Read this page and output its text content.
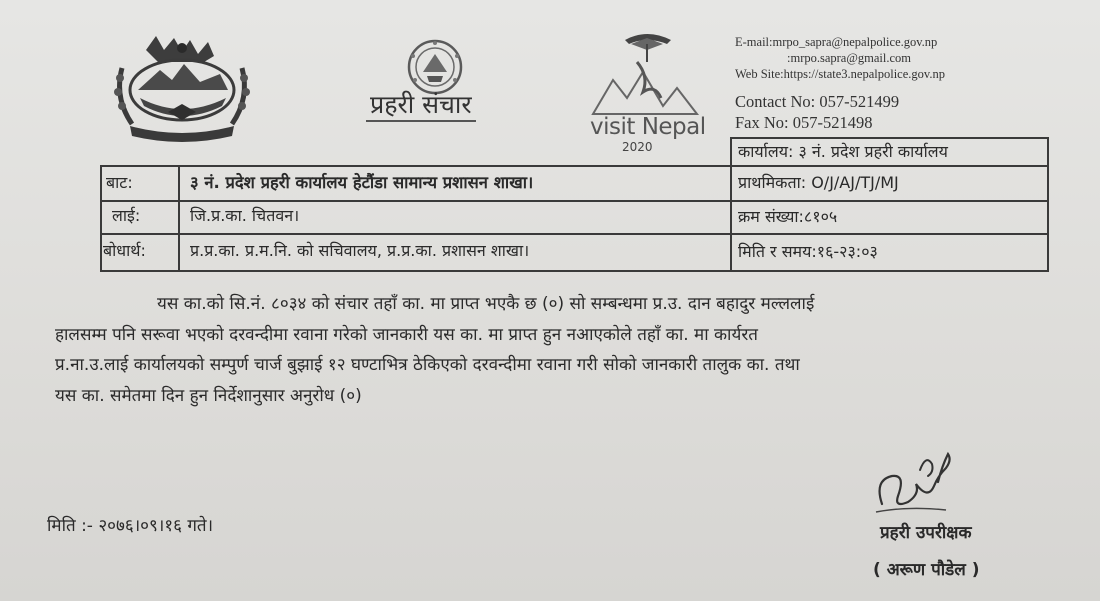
प्रहरी संचार
visit Nepal
2020
E-mail:mrpo_sapra@nepalpolice.gov.np
:mrpo.sapra@gmail.com
Web Site:https://state3.nepalpolice.gov.np
Contact No: 057-521499
Fax No: 057-521498
कार्यालय: ३ नं. प्रदेश प्रहरी कार्यालय
बाट:	३ नं. प्रदेश प्रहरी कार्यालय हेटौंडा सामान्य प्रशासन शाखा।	प्राथमिकता: O/J/AJ/TJ/MJ
लाई:	जि.प्र.का. चितवन।	क्रम संख्या:८१०५
बोधार्थ:	प्र.प्र.का. प्र.म.नि. को सचिवालय, प्र.प्र.का. प्रशासन शाखा।	मिति र समय:१६-२३:०३
यस का.को सि.नं. ८०३४ को संचार तहाँ का. मा प्राप्त भएकै छ (०) सो सम्बन्धमा प्र.उ. दान बहादुर मल्ललाई
हालसम्म पनि सरूवा भएको दरवन्दीमा रवाना गरेको जानकारी यस का. मा प्राप्त हुन नआएकोले तहाँ का. मा कार्यरत
प्र.ना.उ.लाई कार्यालयको सम्पुर्ण चार्ज बुझाई १२ घण्टाभित्र ठेकिएको दरवन्दीमा रवाना गरी सोको जानकारी तालुक का. तथा
यस का. समेतमा दिन हुन निर्देशानुसार अनुरोध (०)
मिति :- २०७६।०९।१६ गते।	प्रहरी उपरीक्षक
( अरूण पौडेल )
